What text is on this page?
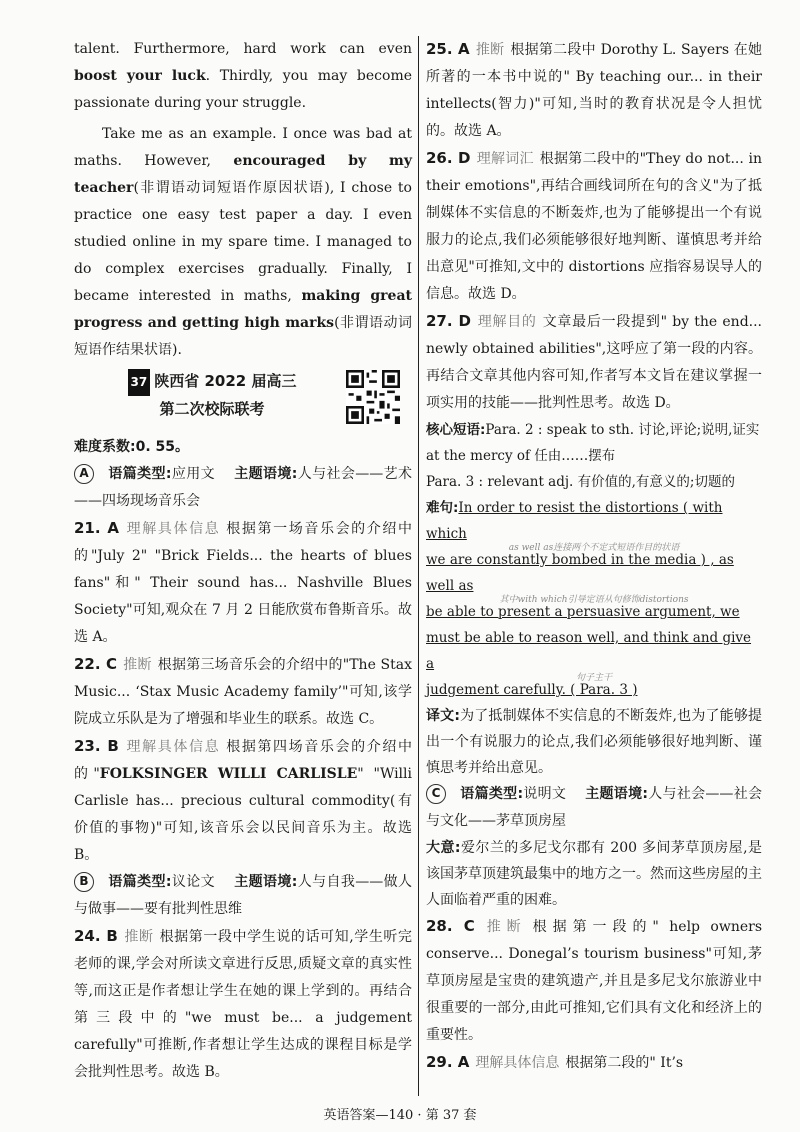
talent. Furthermore, hard work can even boost your luck. Thirdly, you may become passionate during your struggle.

Take me as an example. I once was bad at maths. However, encouraged by my teacher(非谓语动词短语作原因状语), I chose to practice one easy test paper a day. I even studied online in my spare time. I managed to do complex exercises gradually. Finally, I became interested in maths, making great progress and getting high marks(非谓语动词短语作结果状语).

37 陕西省 2022 届高三
第二次校际联考

难度系数:0. 55。

A 语篇类型:应用文　 主题语境:人与社会——艺术——四场现场音乐会

21. A 理解具体信息 根据第一场音乐会的介绍中的"July 2" "Brick Fields... the hearts of blues fans"和" Their sound has... Nashville Blues Society"可知,观众在 7 月 2 日能欣赏布鲁斯音乐。故选 A。

22. C 推断 根据第三场音乐会的介绍中的"The Stax Music... ‘Stax Music Academy family’"可知,该学院成立乐队是为了增强和毕业生的联系。故选 C。

23. B 理解具体信息 根据第四场音乐会的介绍中的"FOLKSINGER WILLI CARLISLE" "Willi Carlisle has... precious cultural commodity(有价值的事物)"可知,该音乐会以民间音乐为主。故选 B。

B 语篇类型:议论文　 主题语境:人与自我——做人与做事——要有批判性思维

24. B 推断 根据第一段中学生说的话可知,学生听完老师的课,学会对所读文章进行反思,质疑文章的真实性等,而这正是作者想让学生在她的课上学到的。再结合第三段中的"we must be... a judgement carefully"可推断,作者想让学生达成的课程目标是学会批判性思考。故选 B。

25. A 推断 根据第二段中 Dorothy L. Sayers 在她所著的一本书中说的" By teaching our... in their intellects(智力)"可知,当时的教育状况是令人担忧的。故选 A。

26. D 理解词汇 根据第二段中的"They do not... in their emotions",再结合画线词所在句的含义"为了抵制媒体不实信息的不断轰炸,也为了能够提出一个有说服力的论点,我们必须能够很好地判断、谨慎思考并给出意见"可推知,文中的 distortions 应指容易误导人的信息。故选 D。

27. D 理解目的 文章最后一段提到" by the end... newly obtained abilities",这呼应了第一段的内容。再结合文章其他内容可知,作者写本文旨在建议掌握一项实用的技能——批判性思考。故选 D。

核心短语:Para. 2 : speak to sth. 讨论,评论;说明,证实　　at the mercy of 任由……摆布

Para. 3 : relevant adj. 有价值的,有意义的;切题的

难句:In order to resist the distortions ( with which

as well as连接两个不定式短语作目的状语

we are constantly bombed in the media ) , as well as

其中with which引导定语从句修饰distortions

be able to present a persuasive argument, we

must be able to reason well, and think and give a

句子主干

judgement carefully. ( Para. 3 )

译文:为了抵制媒体不实信息的不断轰炸,也为了能够提出一个有说服力的论点,我们必须能够很好地判断、谨慎思考并给出意见。

C 语篇类型:说明文　 主题语境:人与社会——社会与文化——茅草顶房屋

大意:爱尔兰的多尼戈尔郡有 200 多间茅草顶房屋,是该国茅草顶建筑最集中的地方之一。然而这些房屋的主人面临着严重的困难。

28. C 推断 根据第一段的" help owners conserve... Donegal’s tourism business"可知,茅草顶房屋是宝贵的建筑遗产,并且是多尼戈尔旅游业中很重要的一部分,由此可推知,它们具有文化和经济上的重要性。

29. A 理解具体信息 根据第二段的" It’s

英语答案—140 · 第 37 套
